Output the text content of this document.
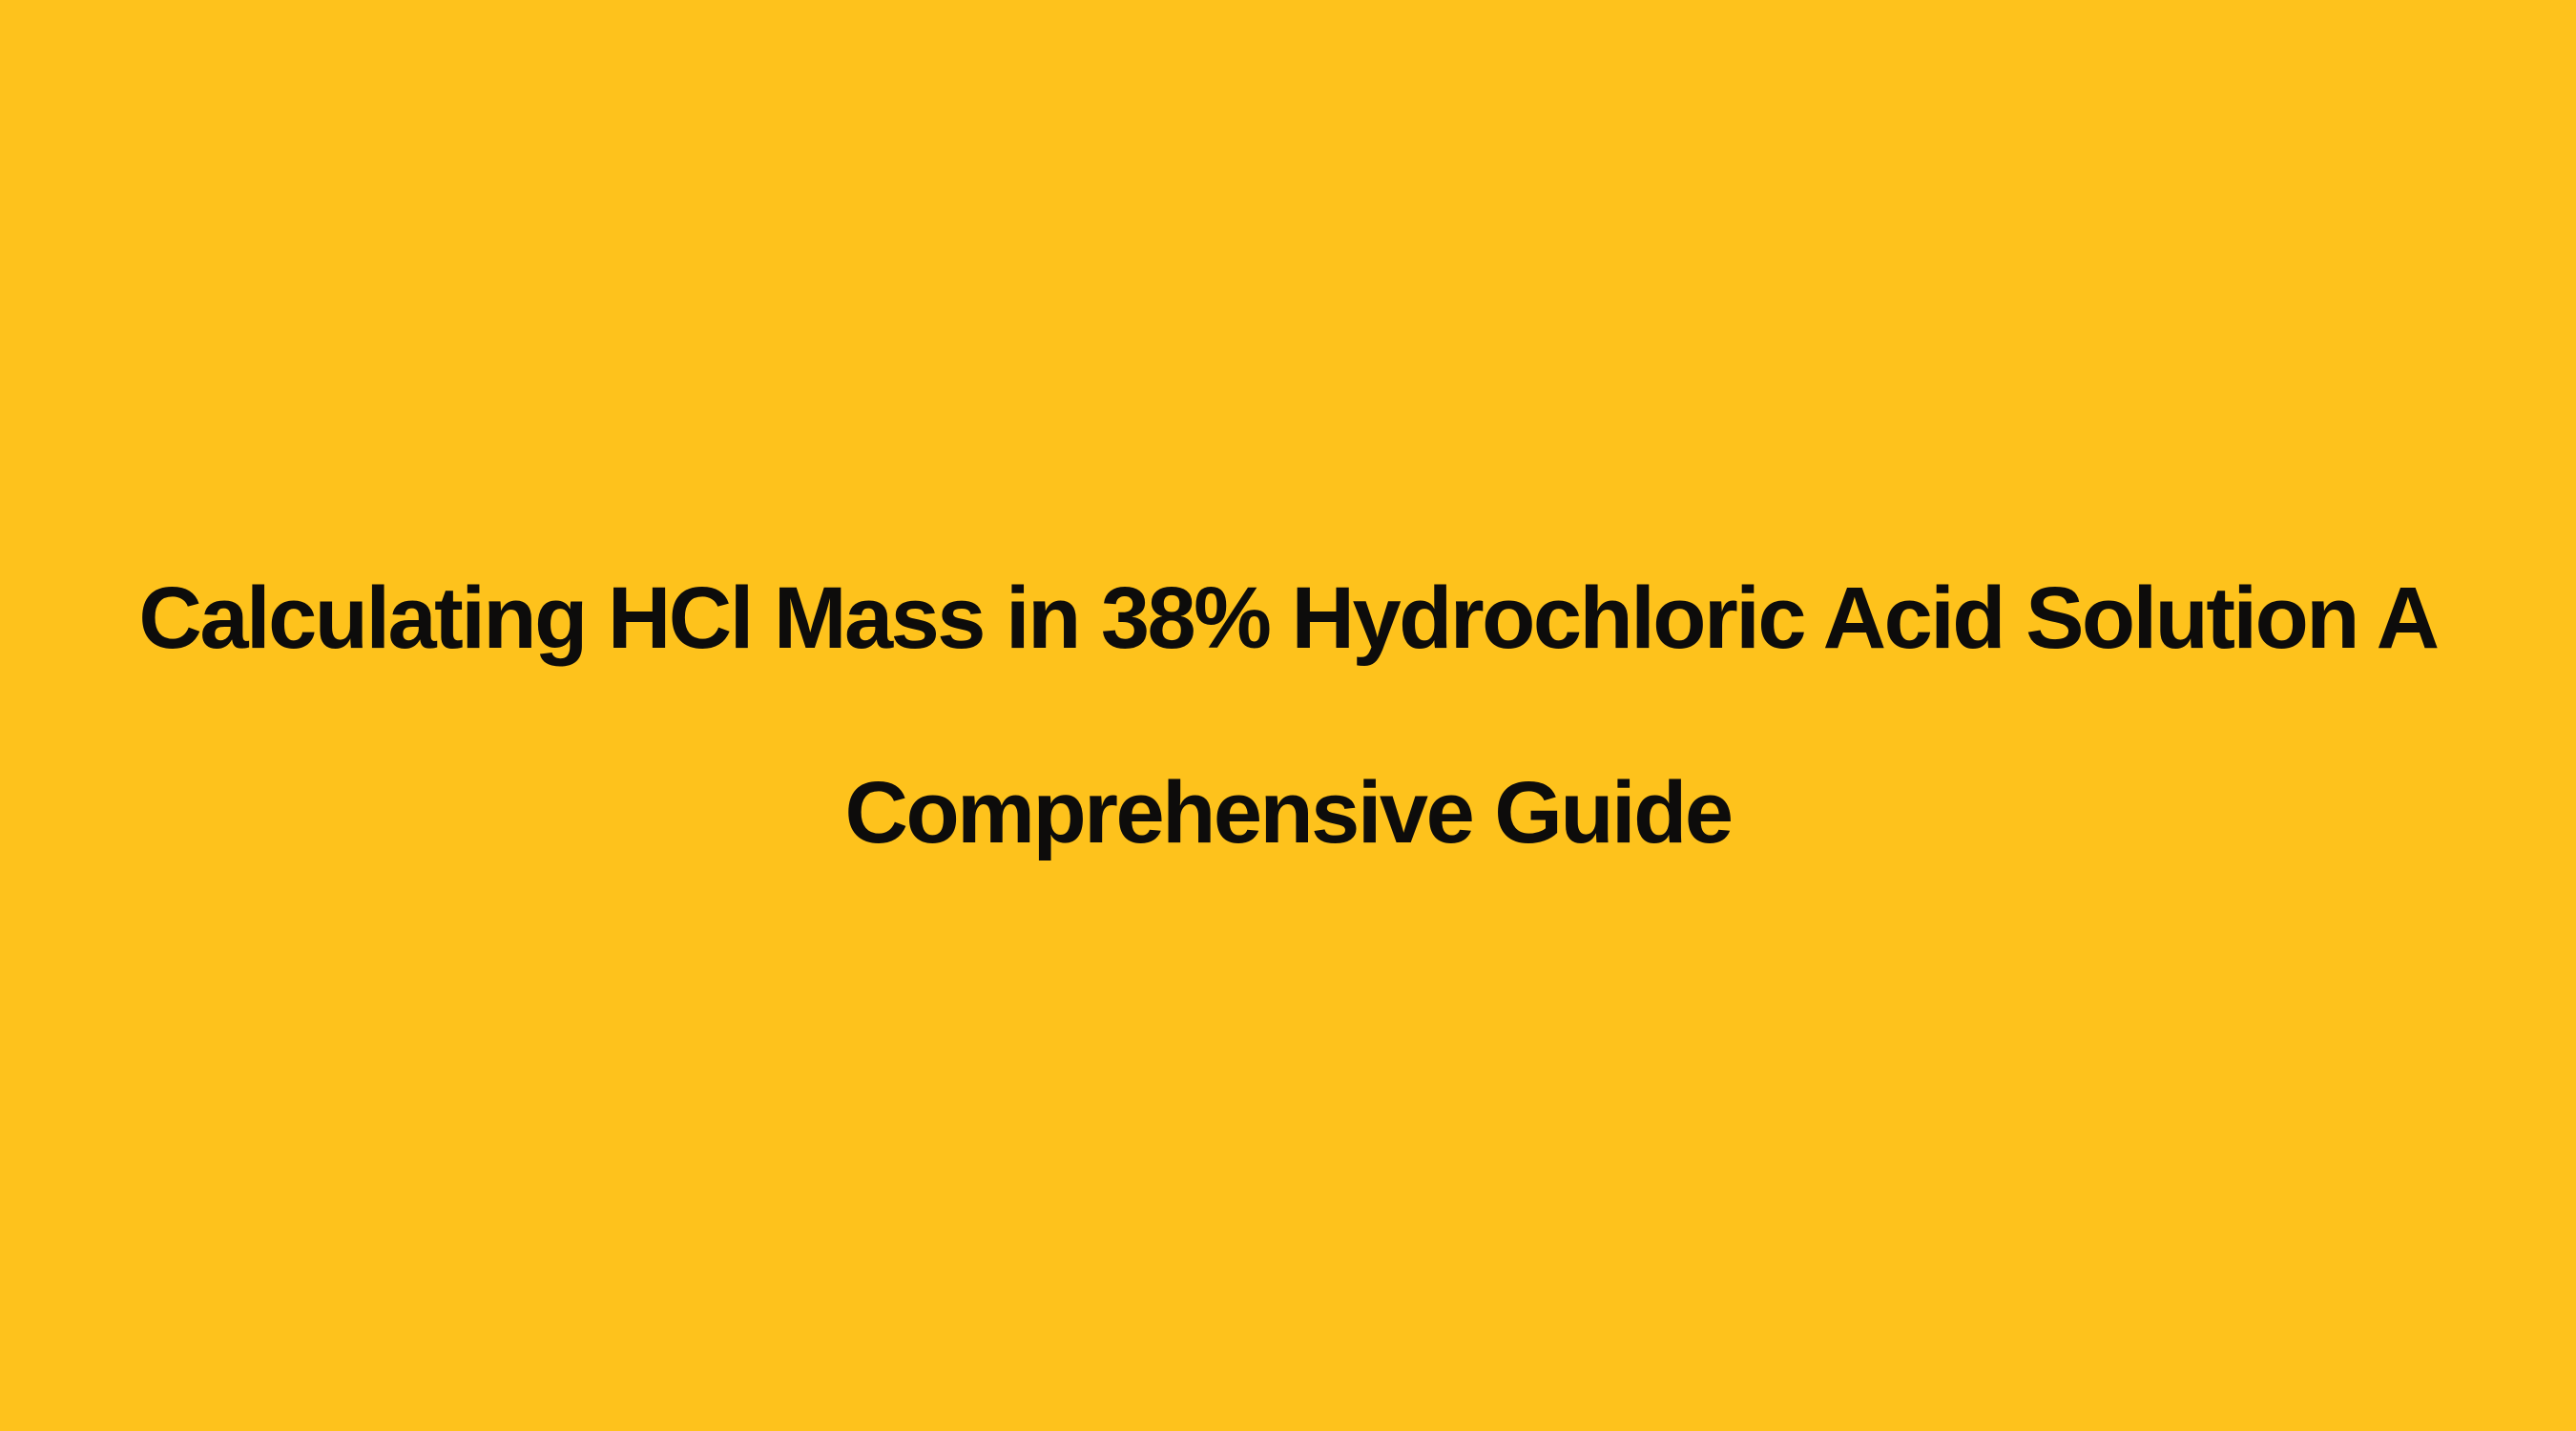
Calculating HCl Mass in 38% Hydrochloric Acid Solution A
Comprehensive Guide
